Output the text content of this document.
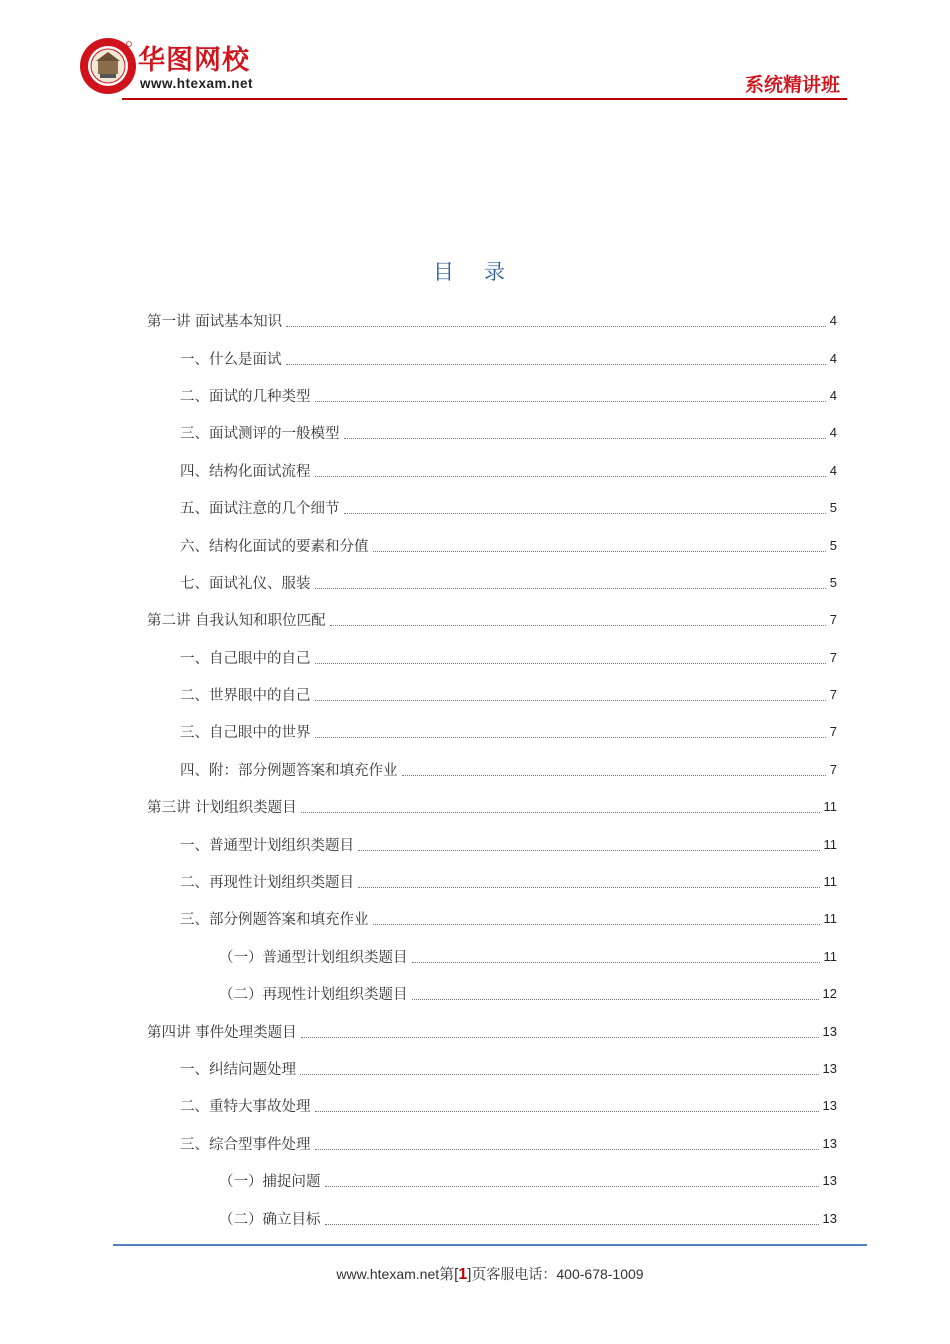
华图网校
www.htexam.net	系统精讲班
目录
第一讲 面试基本知识	4
一、什么是面试	4
二、面试的几种类型	4
三、面试测评的一般模型	4
四、结构化面试流程	4
五、面试注意的几个细节	5
六、结构化面试的要素和分值	5
七、面试礼仪、服装	5
第二讲 自我认知和职位匹配	7
一、自己眼中的自己	7
二、世界眼中的自己	7
三、自己眼中的世界	7
四、附：部分例题答案和填充作业	7
第三讲 计划组织类题目	11
一、普通型计划组织类题目	11
二、再现性计划组织类题目	11
三、部分例题答案和填充作业	11
（一）普通型计划组织类题目	11
（二）再现性计划组织类题目	12
第四讲 事件处理类题目	13
一、纠结问题处理	13
二、重特大事故处理	13
三、综合型事件处理	13
（一）捕捉问题	13
（二）确立目标	13
www.htexam.net第[1]页客服电话：400-678-1009
